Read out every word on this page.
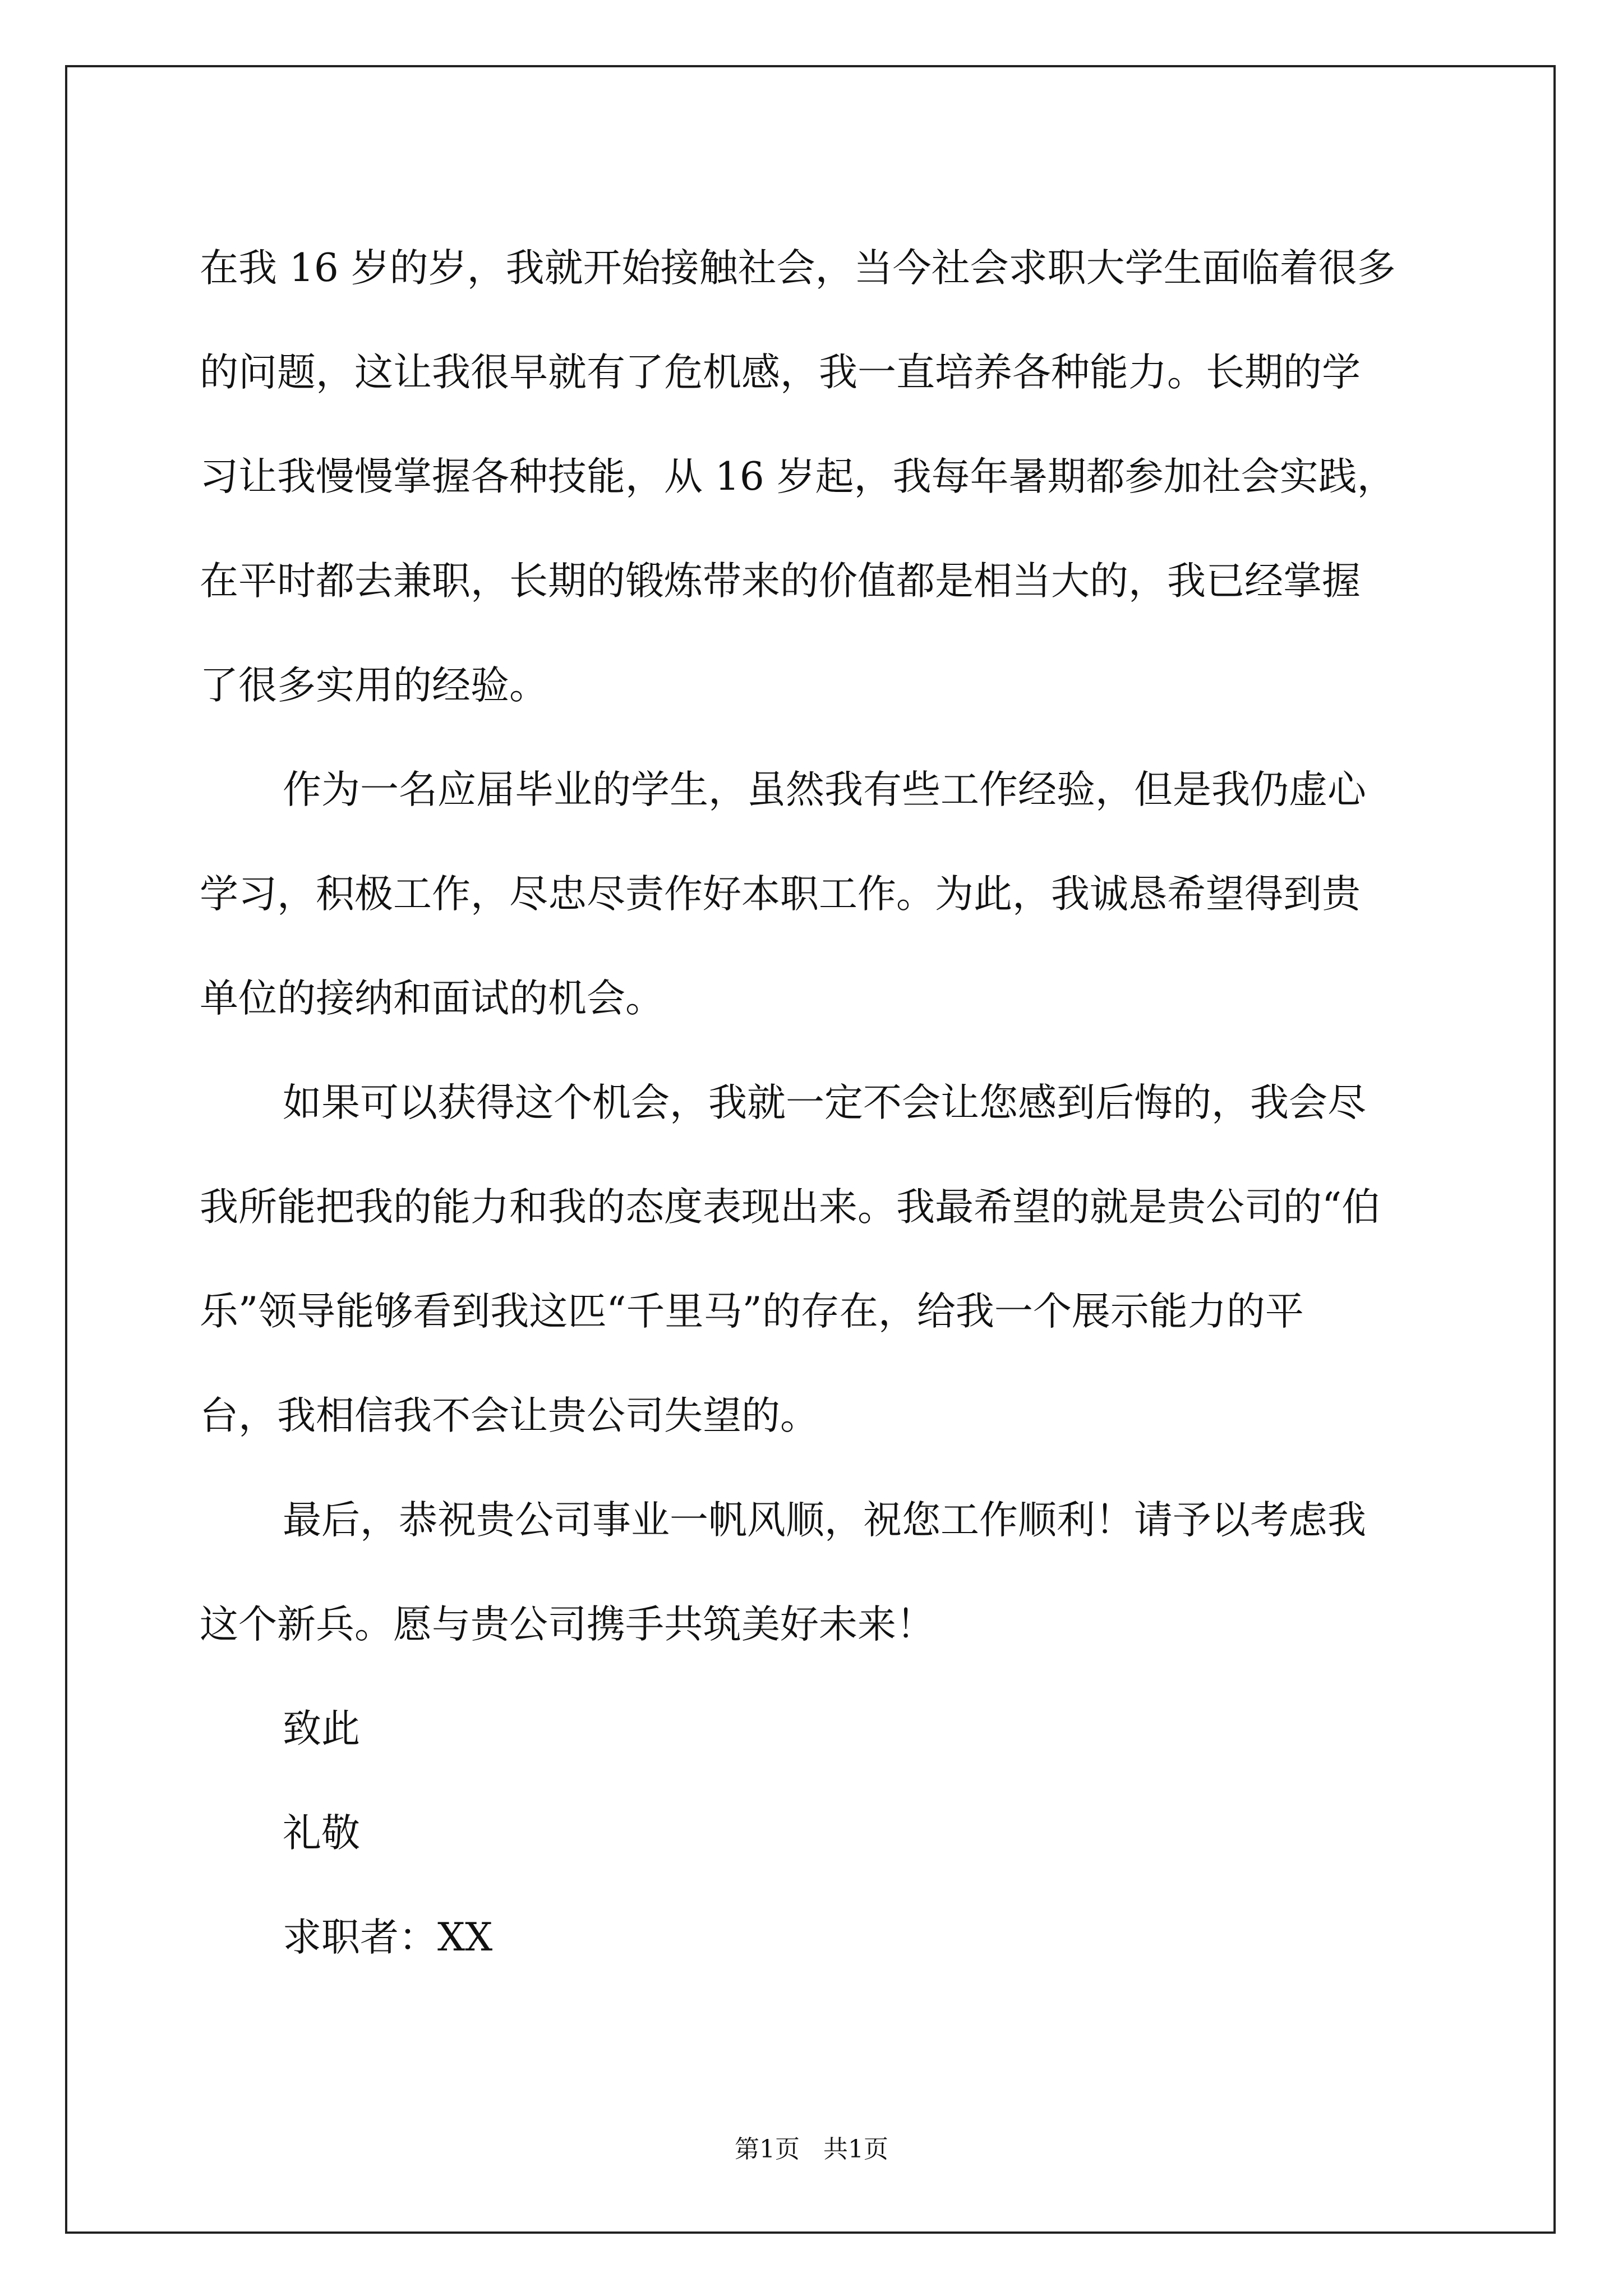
在我 16 岁的岁，我就开始接触社会，当今社会求职大学生面临着很多
的问题，这让我很早就有了危机感，我一直培养各种能力。长期的学
习让我慢慢掌握各种技能，从 16 岁起，我每年暑期都参加社会实践，
在平时都去兼职，长期的锻炼带来的价值都是相当大的，我已经掌握
了很多实用的经验。
作为一名应届毕业的学生，虽然我有些工作经验，但是我仍虚心
学习，积极工作，尽忠尽责作好本职工作。为此，我诚恳希望得到贵
单位的接纳和面试的机会。
如果可以获得这个机会，我就一定不会让您感到后悔的，我会尽
我所能把我的能力和我的态度表现出来。我最希望的就是贵公司的“伯
乐”领导能够看到我这匹“千里马”的存在，给我一个展示能力的平
台，我相信我不会让贵公司失望的。
最后，恭祝贵公司事业一帆风顺，祝您工作顺利！请予以考虑我
这个新兵。愿与贵公司携手共筑美好未来！
致此
礼敬
求职者：XX
第1页   共1页
